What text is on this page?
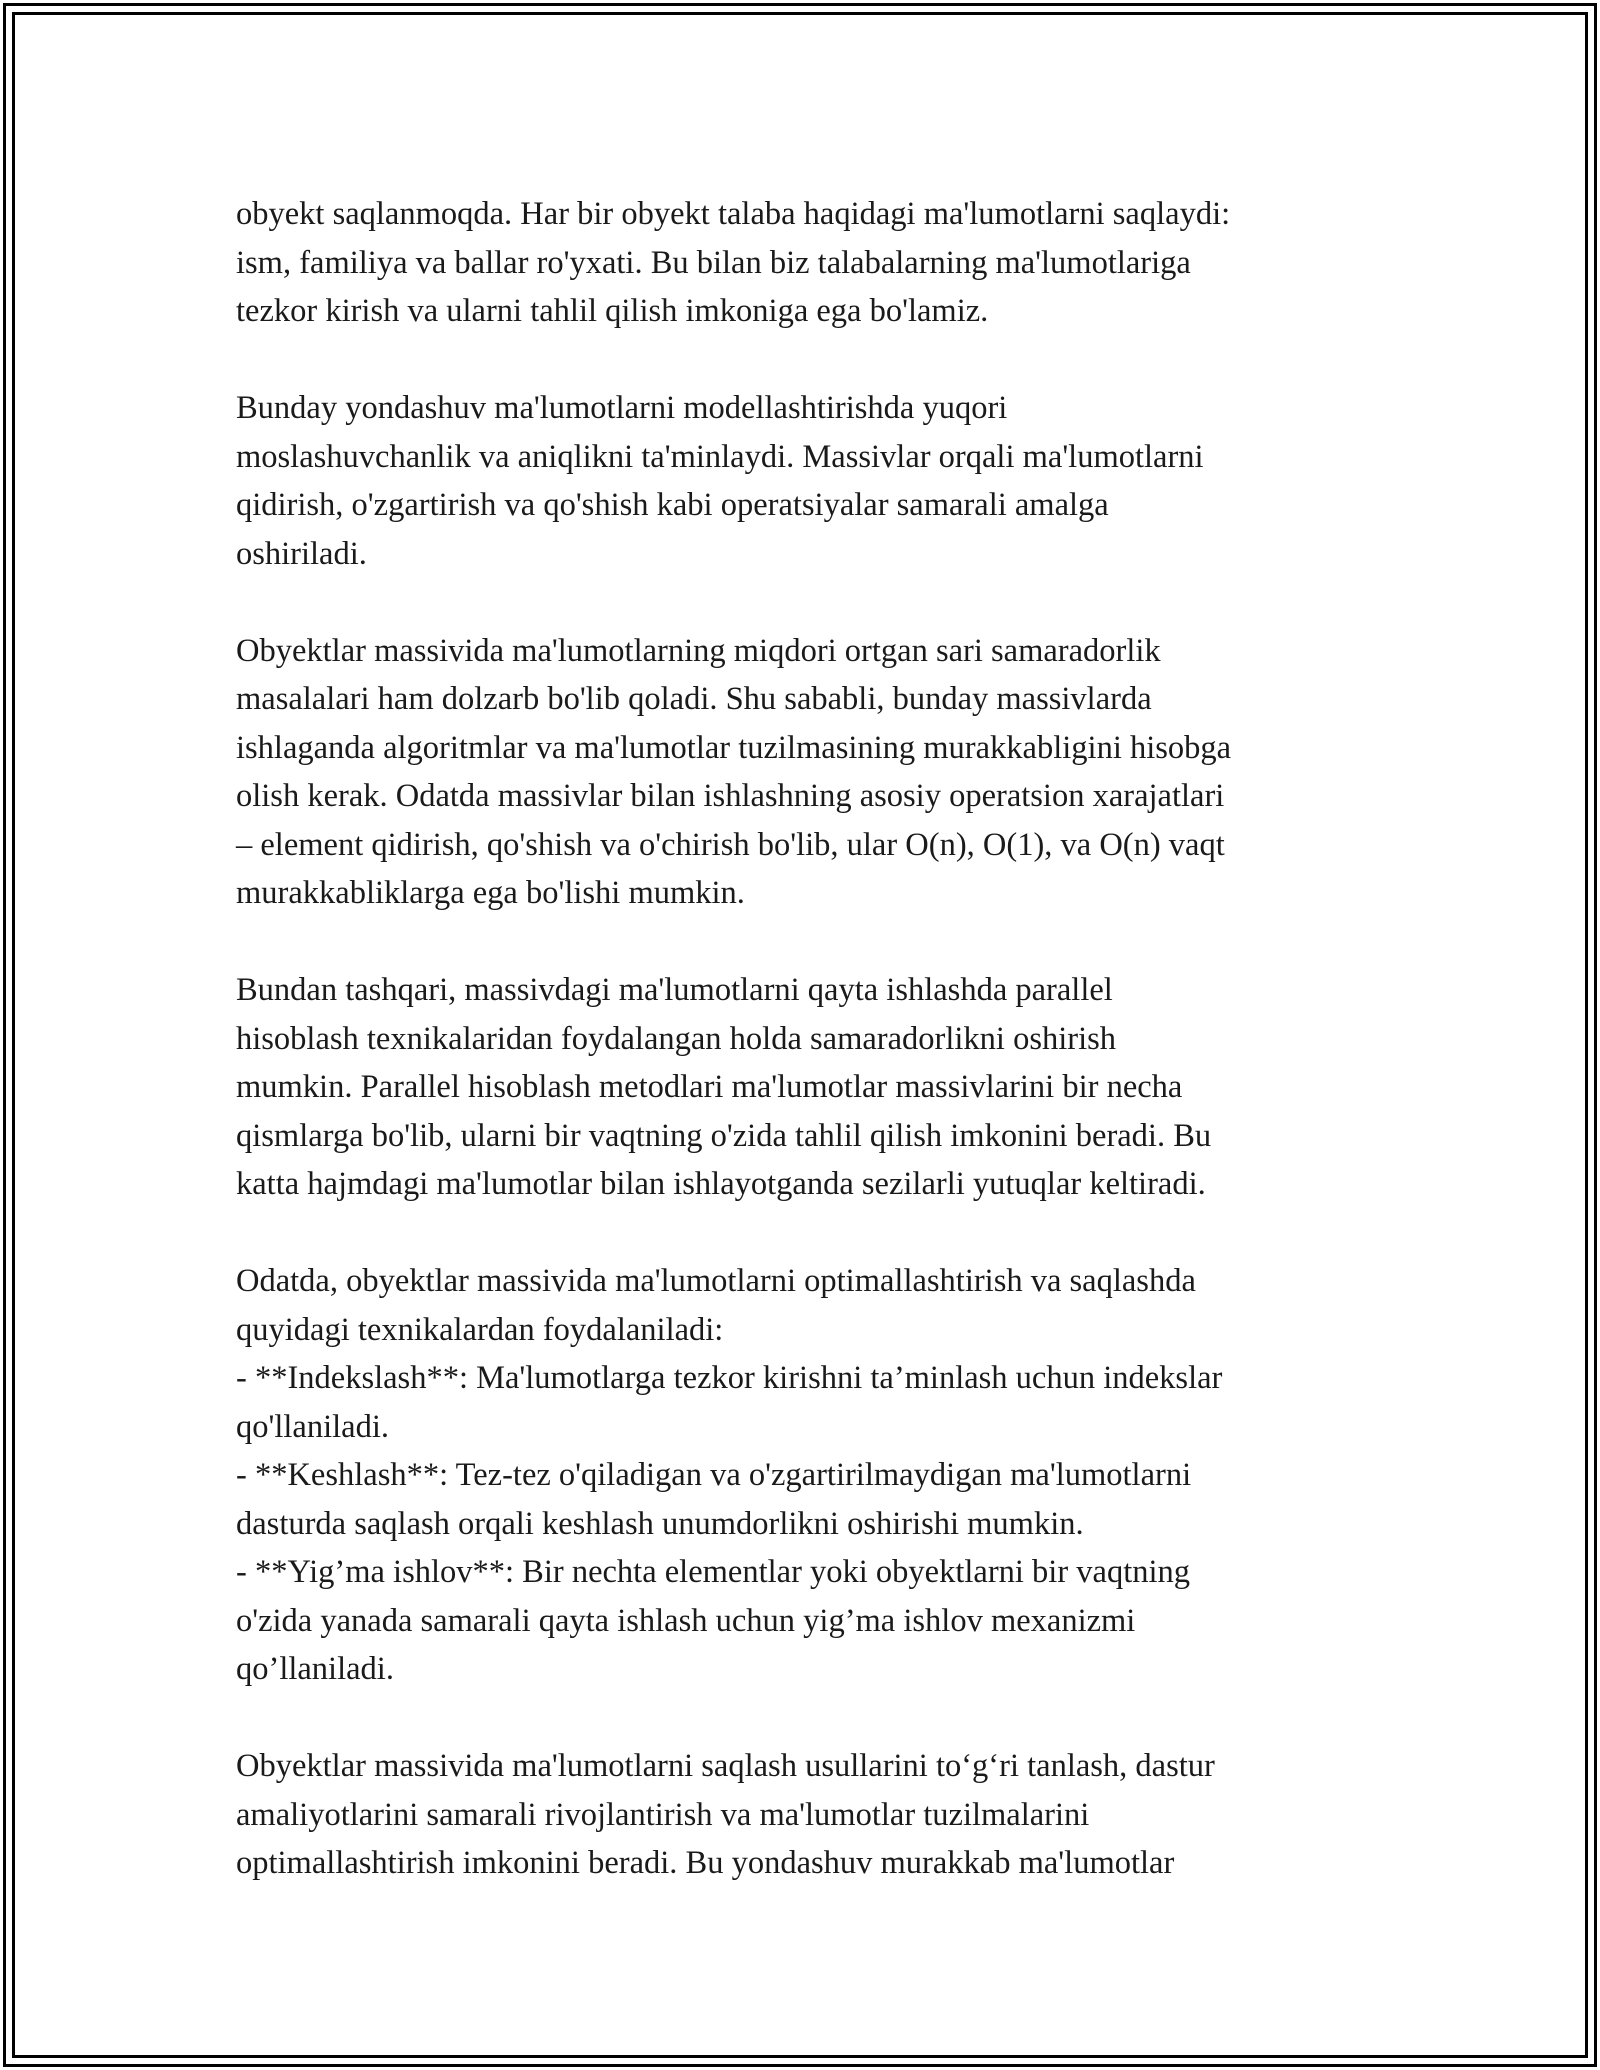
obyekt saqlanmoqda. Har bir obyekt talaba haqidagi ma'lumotlarni saqlaydi:
ism, familiya va ballar ro'yxati. Bu bilan biz talabalarning ma'lumotlariga
tezkor kirish va ularni tahlil qilish imkoniga ega bo'lamiz.

Bunday yondashuv ma'lumotlarni modellashtirishda yuqori
moslashuvchanlik va aniqlikni ta'minlaydi. Massivlar orqali ma'lumotlarni
qidirish, o'zgartirish va qo'shish kabi operatsiyalar samarali amalga
oshiriladi.

Obyektlar massivida ma'lumotlarning miqdori ortgan sari samaradorlik
masalalari ham dolzarb bo'lib qoladi. Shu sababli, bunday massivlarda
ishlaganda algoritmlar va ma'lumotlar tuzilmasining murakkabligini hisobga
olish kerak. Odatda massivlar bilan ishlashning asosiy operatsion xarajatlari
– element qidirish, qo'shish va o'chirish bo'lib, ular O(n), O(1), va O(n) vaqt
murakkabliklarga ega bo'lishi mumkin.

Bundan tashqari, massivdagi ma'lumotlarni qayta ishlashda parallel
hisoblash texnikalaridan foydalangan holda samaradorlikni oshirish
mumkin. Parallel hisoblash metodlari ma'lumotlar massivlarini bir necha
qismlarga bo'lib, ularni bir vaqtning o'zida tahlil qilish imkonini beradi. Bu
katta hajmdagi ma'lumotlar bilan ishlayotganda sezilarli yutuqlar keltiradi.

Odatda, obyektlar massivida ma'lumotlarni optimallashtirish va saqlashda
quyidagi texnikalardan foydalaniladi:
- **Indekslash**: Ma'lumotlarga tezkor kirishni ta’minlash uchun indekslar
qo'llaniladi.
- **Keshlash**: Tez-tez o'qiladigan va o'zgartirilmaydigan ma'lumotlarni
dasturda saqlash orqali keshlash unumdorlikni oshirishi mumkin.
- **Yig’ma ishlov**: Bir nechta elementlar yoki obyektlarni bir vaqtning
o'zida yanada samarali qayta ishlash uchun yig’ma ishlov mexanizmi
qo’llaniladi.

Obyektlar massivida ma'lumotlarni saqlash usullarini to‘g‘ri tanlash, dastur
amaliyotlarini samarali rivojlantirish va ma'lumotlar tuzilmalarini
optimallashtirish imkonini beradi. Bu yondashuv murakkab ma'lumotlar
